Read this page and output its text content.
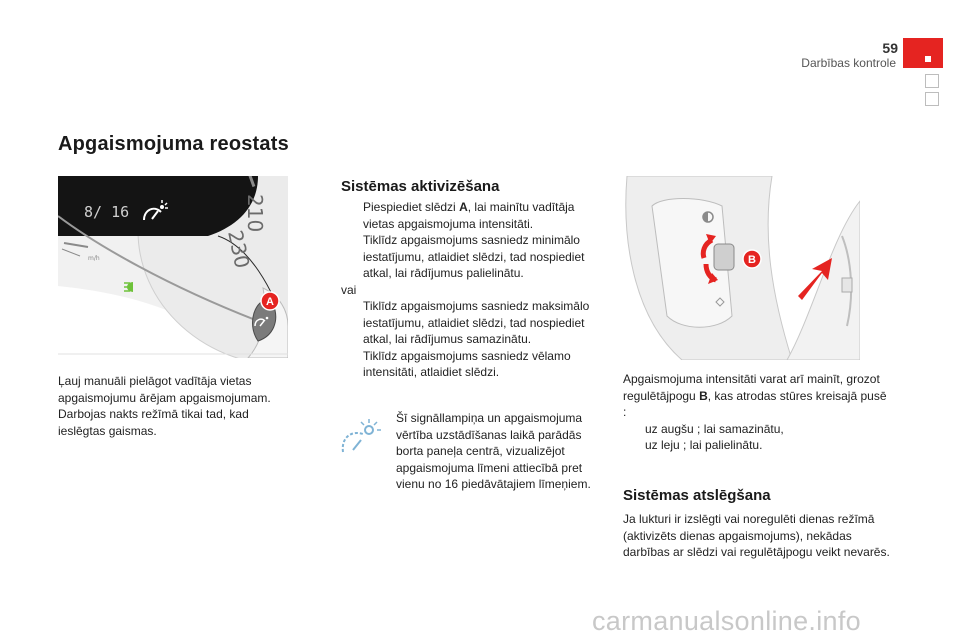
59
Darbības kontrole
Apgaismojuma reostats
210
230
m/h
8/ 16
A
Ļauj manuāli pielāgot vadītāja vietas apgaismojumu ārējam apgaismojumam. Darbojas nakts režīmā tikai tad, kad ieslēgtas gaismas.
Sistēmas aktivizēšana
Piespiediet slēdzi A, lai mainītu vadītāja vietas apgaismojuma intensitāti.
Tiklīdz apgaismojums sasniedz minimālo iestatījumu, atlaidiet slēdzi, tad nospiediet atkal, lai rādījumus palielinātu.
vai
Tiklīdz apgaismojums sasniedz maksimālo iestatījumu, atlaidiet slēdzi, tad nospiediet atkal, lai rādījumus samazinātu.
Tiklīdz apgaismojums sasniedz vēlamo intensitāti, atlaidiet slēdzi.
Šī signāllampiņa un apgaismojuma vērtība uzstādīšanas laikā parādās borta paneļa centrā, vizualizējot apgaismojuma līmeni attiecībā pret vienu no 16 piedāvātajiem līmeņiem.
B
Apgaismojuma intensitāti varat arī mainīt, grozot regulētājpogu B, kas atrodas stūres kreisajā pusē :
uz augšu ; lai samazinātu,
uz leju ; lai palielinātu.
Sistēmas atslēgšana
Ja lukturi ir izslēgti vai noregulēti dienas režīmā (aktivizēts dienas apgaismojums), nekādas darbības ar slēdzi vai regulētājpogu veikt nevarēs.
carmanualsonline.info
